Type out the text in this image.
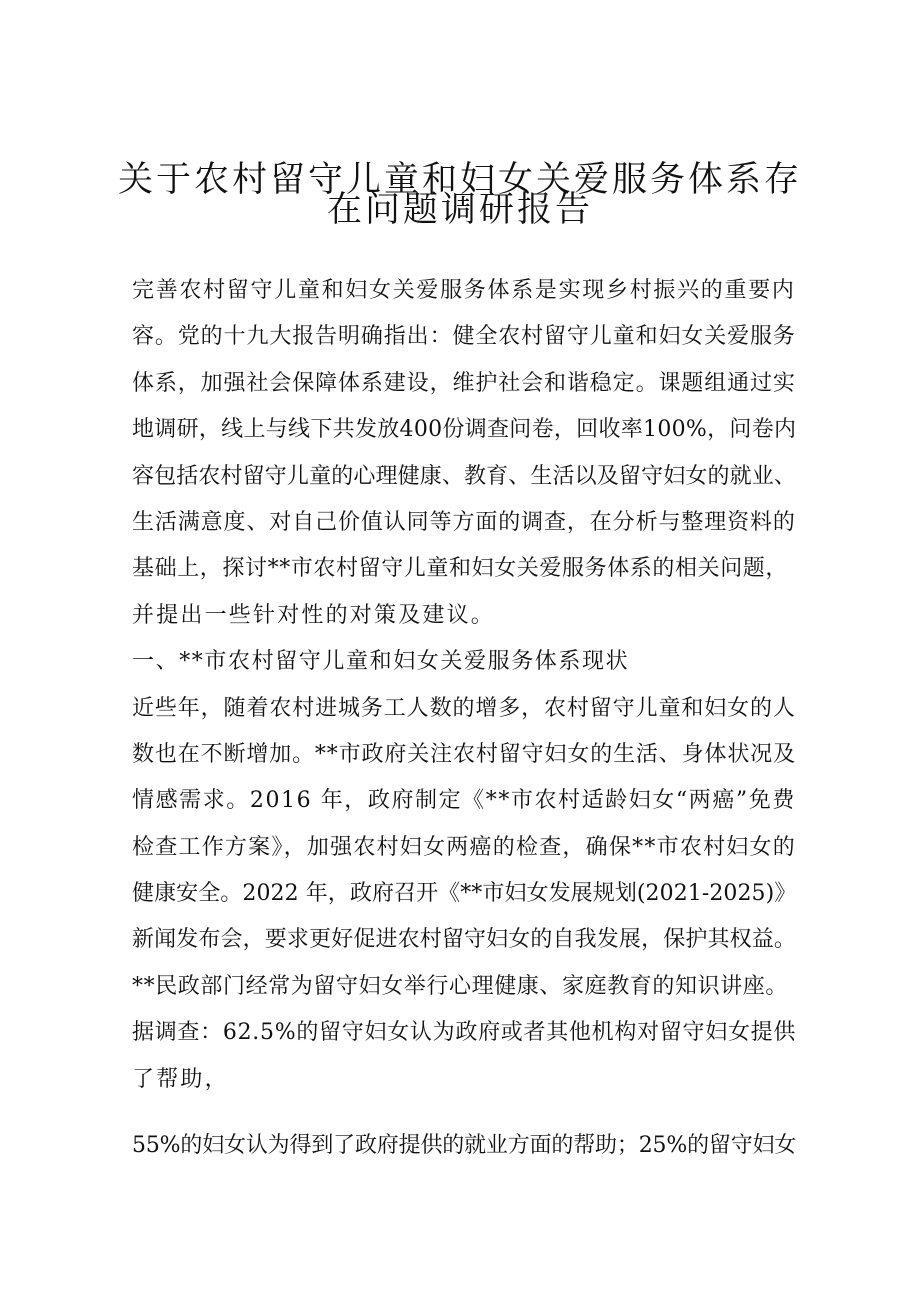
关于农村留守儿童和妇女关爱服务体系存
在问题调研报告
完善农村留守儿童和妇女关爱服务体系是实现乡村振兴的重要内
容。党的十九大报告明确指出：健全农村留守儿童和妇女关爱服务
体系，加强社会保障体系建设，维护社会和谐稳定。课题组通过实
地调研，线上与线下共发放400份调查问卷，回收率100%，问卷内
容包括农村留守儿童的心理健康、教育、生活以及留守妇女的就业、
生活满意度、对自己价值认同等方面的调查，在分析与整理资料的
基础上，探讨**市农村留守儿童和妇女关爱服务体系的相关问题，
并提出一些针对性的对策及建议。
一、**市农村留守儿童和妇女关爱服务体系现状
近些年，随着农村进城务工人数的增多，农村留守儿童和妇女的人
数也在不断增加。**市政府关注农村留守妇女的生活、身体状况及
情感需求。2016 年，政府制定《**市农村适龄妇女“两癌”免费
检查工作方案》，加强农村妇女两癌的检查，确保**市农村妇女的
健康安全。2022 年，政府召开《**市妇女发展规划(2021-2025)》
新闻发布会，要求更好促进农村留守妇女的自我发展，保护其权益。
**民政部门经常为留守妇女举行心理健康、家庭教育的知识讲座。
据调查：62.5%的留守妇女认为政府或者其他机构对留守妇女提供
了帮助，
55%的妇女认为得到了政府提供的就业方面的帮助；25%的留守妇女
